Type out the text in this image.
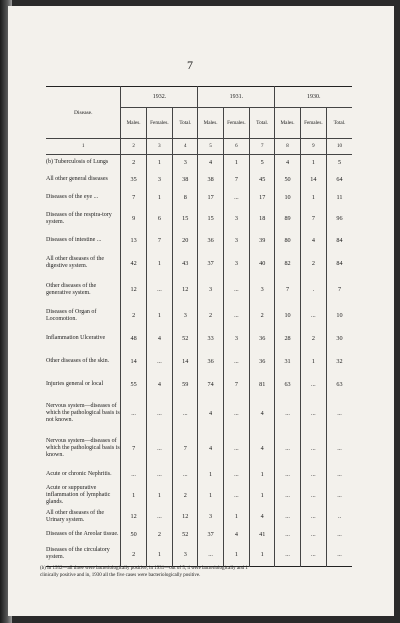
7
Disease.	1932.			1931.			1930.		
	Males.	Females.	Total.	Males.	Females.	Total.	Males.	Females.	Total.
1	2	3	4	5	6	7	8	9	10
(b) Tuberculosis of Lungs	2	1	3	4	1	5	4	1	5
All other general diseases	35	3	38	38	7	45	50	14	64
Diseases of the eye ...	7	1	8	17	...	17	10	1	11
Diseases of the respira-tory system.	9	6	15	15	3	18	89	7	96
Diseases of intestine ...	13	7	20	36	3	39	80	4	84
All other diseases of the digestive system.	42	1	43	37	3	40	82	2	84
Other diseases of the generative system.	12	...	12	3	...	3	7	.	7
Diseases of Organ of Locomotion.	2	1	3	2	...	2	10	...	10
Inflammation Ulcerative	48	4	52	33	3	36	28	2	30
Other diseases of the skin.	14	...	14	36	...	36	31	1	32
Injuries general or local	55	4	59	74	7	81	63	...	63
Nervous system—diseases of which the pathological basis is not known.	...	...	...	4	...	4	...	...	...
Nervous system—diseases of which the pathological basis is known.	7	...	7	4	...	4	...	...	...
Acute or chronic Nephritis.	...	...	...	1	...	1	...	...	...
Acute or suppurative inflammation of lymphatic glands.	1	1	2	1	...	1	...	...	...
All other diseases of the Urinary system.	12	...	12	3	1	4	...	...	..
Diseases of the Areolar tissue.	50	2	52	37	4	41	...	...	...
Diseases of the circulatory system.	2	1	3	...	1	1	...	...	...
(b) In 1932—all three were bacteriologically positive, in 1931—out of 5, 4 were bacteriologically and 1
clinically positive and in, 1930 all the five cases were bacteriologically positive.
